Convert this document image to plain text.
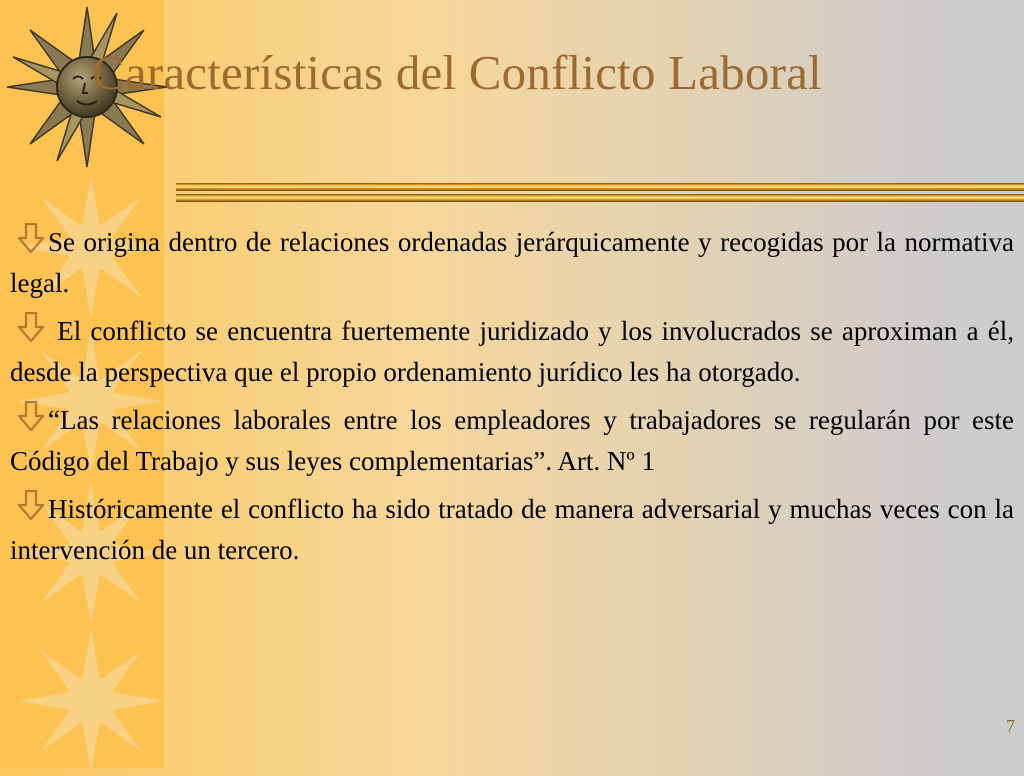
Características del Conflicto Laboral

Se origina dentro de relaciones ordenadas jerárquicamente y recogidas por la normativa legal.

El conflicto se encuentra fuertemente juridizado y los involucrados se aproximan a él, desde la perspectiva que el propio ordenamiento jurídico les ha otorgado.

“Las relaciones laborales entre los empleadores y trabajadores se regularán por este Código del Trabajo y sus leyes complementarias”. Art. Nº 1

Históricamente el conflicto ha sido tratado de manera adversarial y muchas veces con la intervención de un tercero.

7
